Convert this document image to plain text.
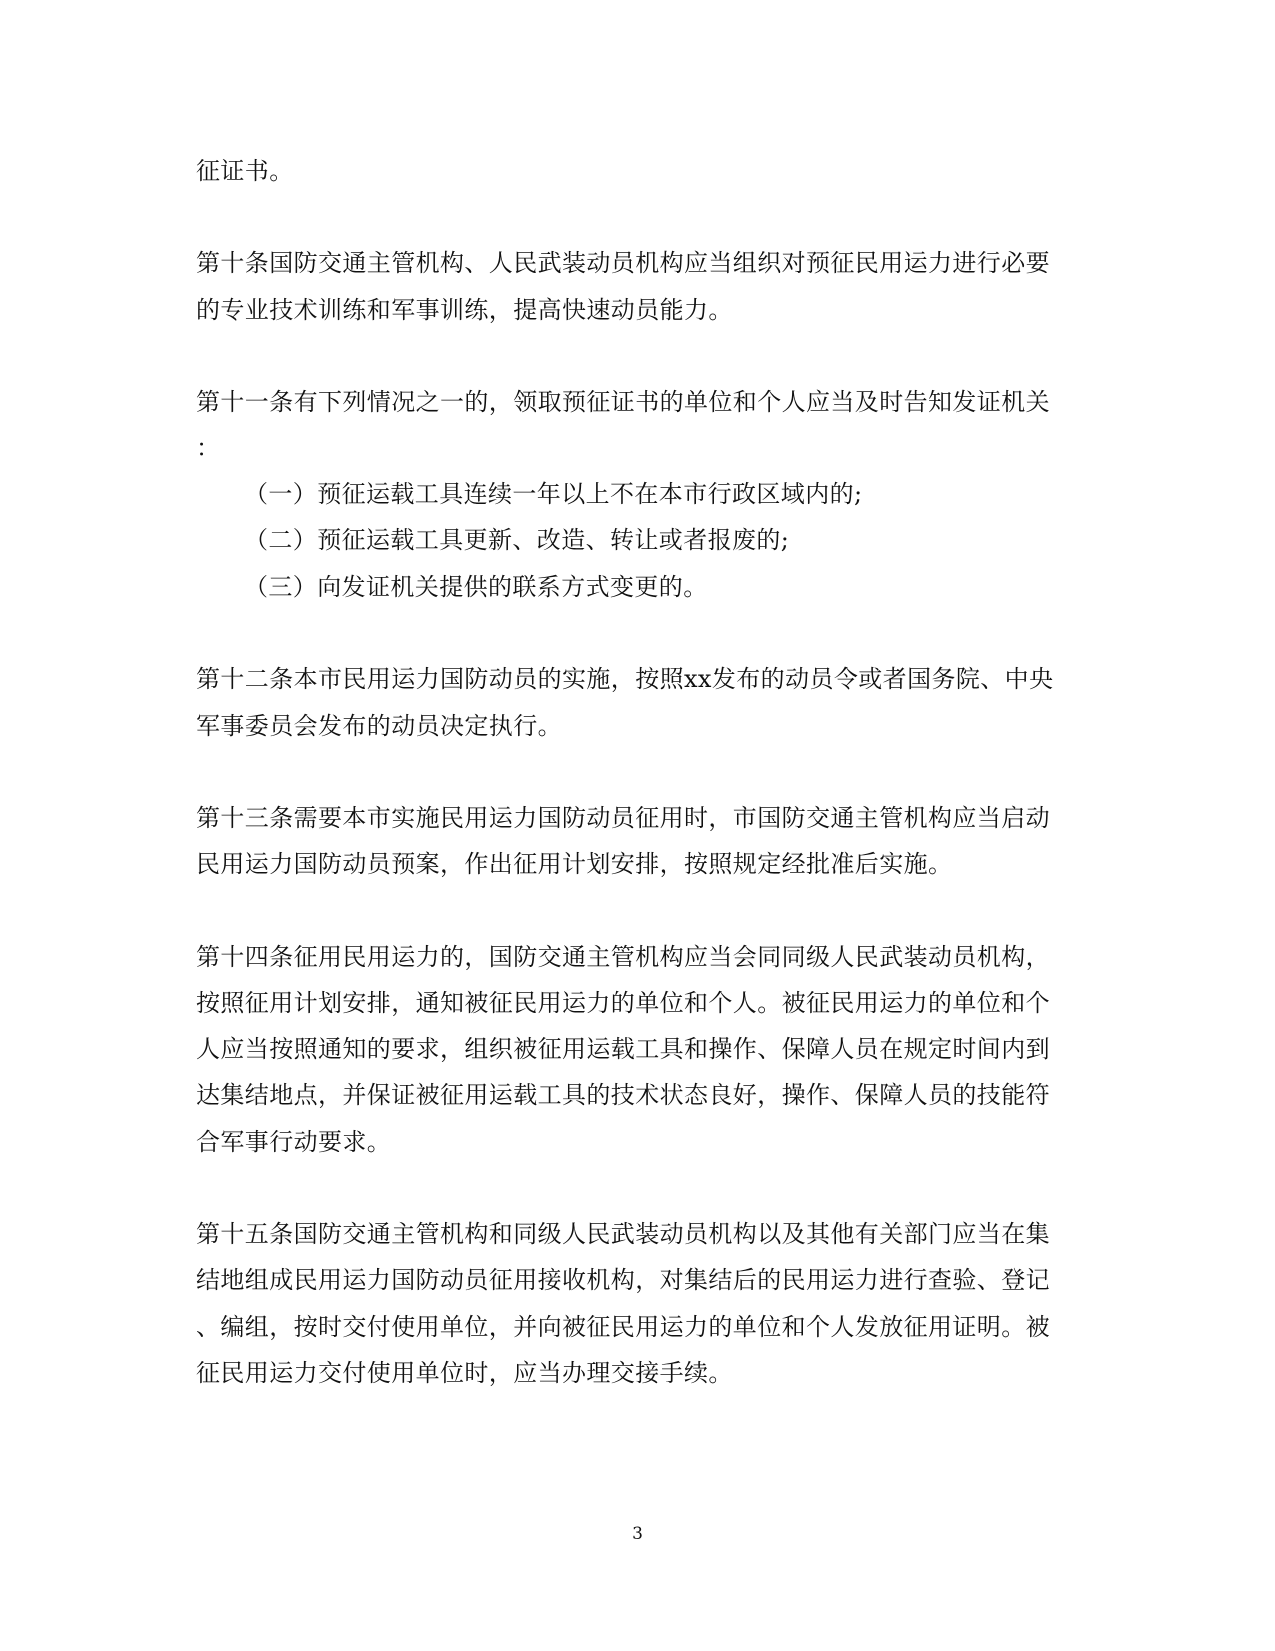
征证书。
第十条国防交通主管机构、人民武装动员机构应当组织对预征民用运力进行必要
的专业技术训练和军事训练，提高快速动员能力。
第十一条有下列情况之一的，领取预征证书的单位和个人应当及时告知发证机关
：
（一）预征运载工具连续一年以上不在本市行政区域内的;
（二）预征运载工具更新、改造、转让或者报废的;
（三）向发证机关提供的联系方式变更的。
第十二条本市民用运力国防动员的实施，按照xx发布的动员令或者国务院、中央
军事委员会发布的动员决定执行。
第十三条需要本市实施民用运力国防动员征用时，市国防交通主管机构应当启动
民用运力国防动员预案，作出征用计划安排，按照规定经批准后实施。
第十四条征用民用运力的，国防交通主管机构应当会同同级人民武装动员机构，
按照征用计划安排，通知被征民用运力的单位和个人。被征民用运力的单位和个
人应当按照通知的要求，组织被征用运载工具和操作、保障人员在规定时间内到
达集结地点，并保证被征用运载工具的技术状态良好，操作、保障人员的技能符
合军事行动要求。
第十五条国防交通主管机构和同级人民武装动员机构以及其他有关部门应当在集
结地组成民用运力国防动员征用接收机构，对集结后的民用运力进行查验、登记
、编组，按时交付使用单位，并向被征民用运力的单位和个人发放征用证明。被
征民用运力交付使用单位时，应当办理交接手续。
3
